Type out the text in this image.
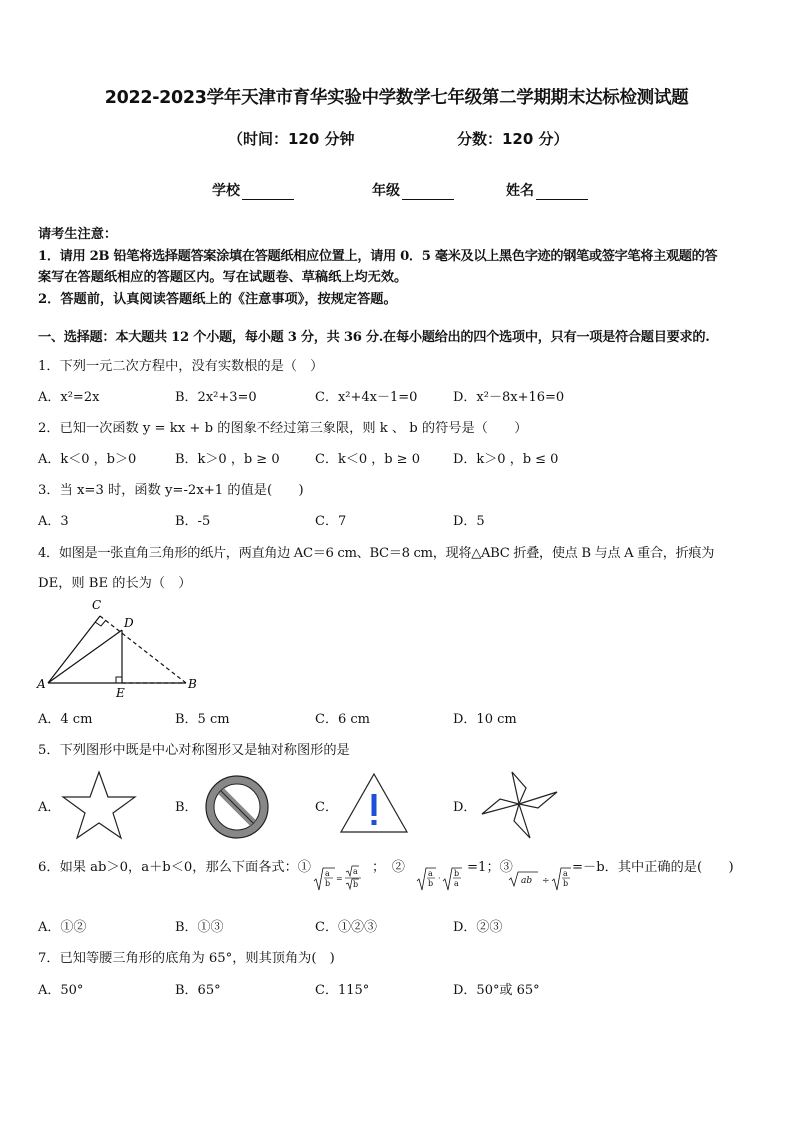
2022-2023学年天津市育华实验中学数学七年级第二学期期末达标检测试题
（时间：120 分钟	分数：120 分）
学校	年级	姓名

请考生注意：

1．请用 2B 铅笔将选择题答案涂填在答题纸相应位置上，请用 0．5 毫米及以上黑色字迹的钢笔或签字笔将主观题的答

案写在答题纸相应的答题区内。写在试题卷、草稿纸上均无效。

2．答题前，认真阅读答题纸上的《注意事项》，按规定答题。

一、选择题：本大题共 12 个小题，每小题 3 分，共 36 分.在每小题给出的四个选项中，只有一项是符合题目要求的.
1．下列一元二次方程中，没有实数根的是（　）
A．x²=2x	B．2x²+3=0	C．x²+4x－1=0	D．x²－8x+16=0
2．已知一次函数 y = kx + b 的图象不经过第三象限，则 k 、 b 的符号是（　　）
A．k＜0 ，b＞0	B．k＞0 ，b ≥ 0	C．k＜0 ，b ≥ 0	D．k＞0 ，b ≤ 0
3．当 x=3 时，函数 y=-2x+1 的值是(　　)
A．3	B．-5	C．7	D．5
4．如图是一张直角三角形的纸片，两直角边 AC＝6 cm、BC＝8 cm，现将△ABC 折叠，使点 B 与点 A 重合，折痕为
DE，则 BE 的长为（　）
C
D
A
E
B
A．4 cm	B．5 cm	C．6 cm	D．10 cm
5．下列图形中既是中心对称图形又是轴对称图形的是
A．	B．	C．	D．
6．如果 ab＞0，a＋b＜0，那么下面各式：① a
b
=
a
b
；　②	a
b
·
b
a
=1；③
ab ÷
a
b
=－b．其中正确的是(　　)
A．①②	B．①③	C．①②③	D．②③
7．已知等腰三角形的底角为 65°，则其顶角为(　)
A．50°	B．65°	C．115°	D．50°或 65°
